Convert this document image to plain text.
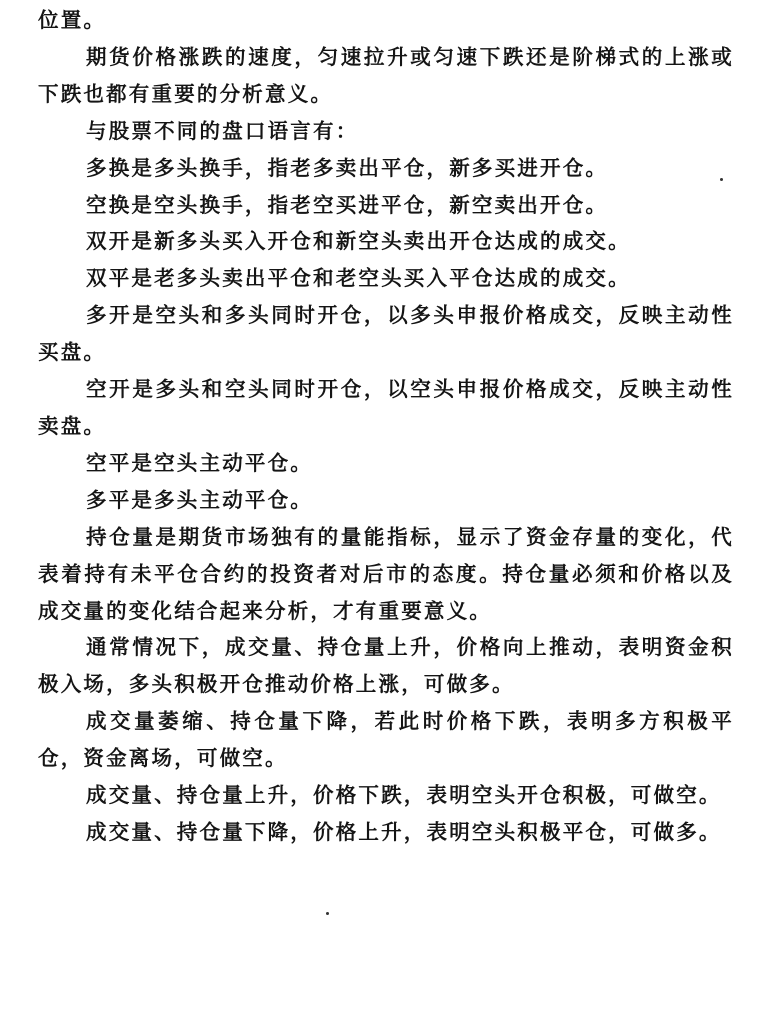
位置。

期货价格涨跌的速度，匀速拉升或匀速下跌还是阶梯式的上涨或下跌也都有重要的分析意义。

与股票不同的盘口语言有：

多换是多头换手，指老多卖出平仓，新多买进开仓。

空换是空头换手，指老空买进平仓，新空卖出开仓。

双开是新多头买入开仓和新空头卖出开仓达成的成交。

双平是老多头卖出平仓和老空头买入平仓达成的成交。

多开是空头和多头同时开仓，以多头申报价格成交，反映主动性买盘。

空开是多头和空头同时开仓，以空头申报价格成交，反映主动性卖盘。

空平是空头主动平仓。

多平是多头主动平仓。

持仓量是期货市场独有的量能指标，显示了资金存量的变化，代表着持有未平仓合约的投资者对后市的态度。持仓量必须和价格以及成交量的变化结合起来分析，才有重要意义。

通常情况下，成交量、持仓量上升，价格向上推动，表明资金积极入场，多头积极开仓推动价格上涨，可做多。

成交量萎缩、持仓量下降，若此时价格下跌，表明多方积极平仓，资金离场，可做空。

成交量、持仓量上升，价格下跌，表明空头开仓积极，可做空。

成交量、持仓量下降，价格上升，表明空头积极平仓，可做多。
